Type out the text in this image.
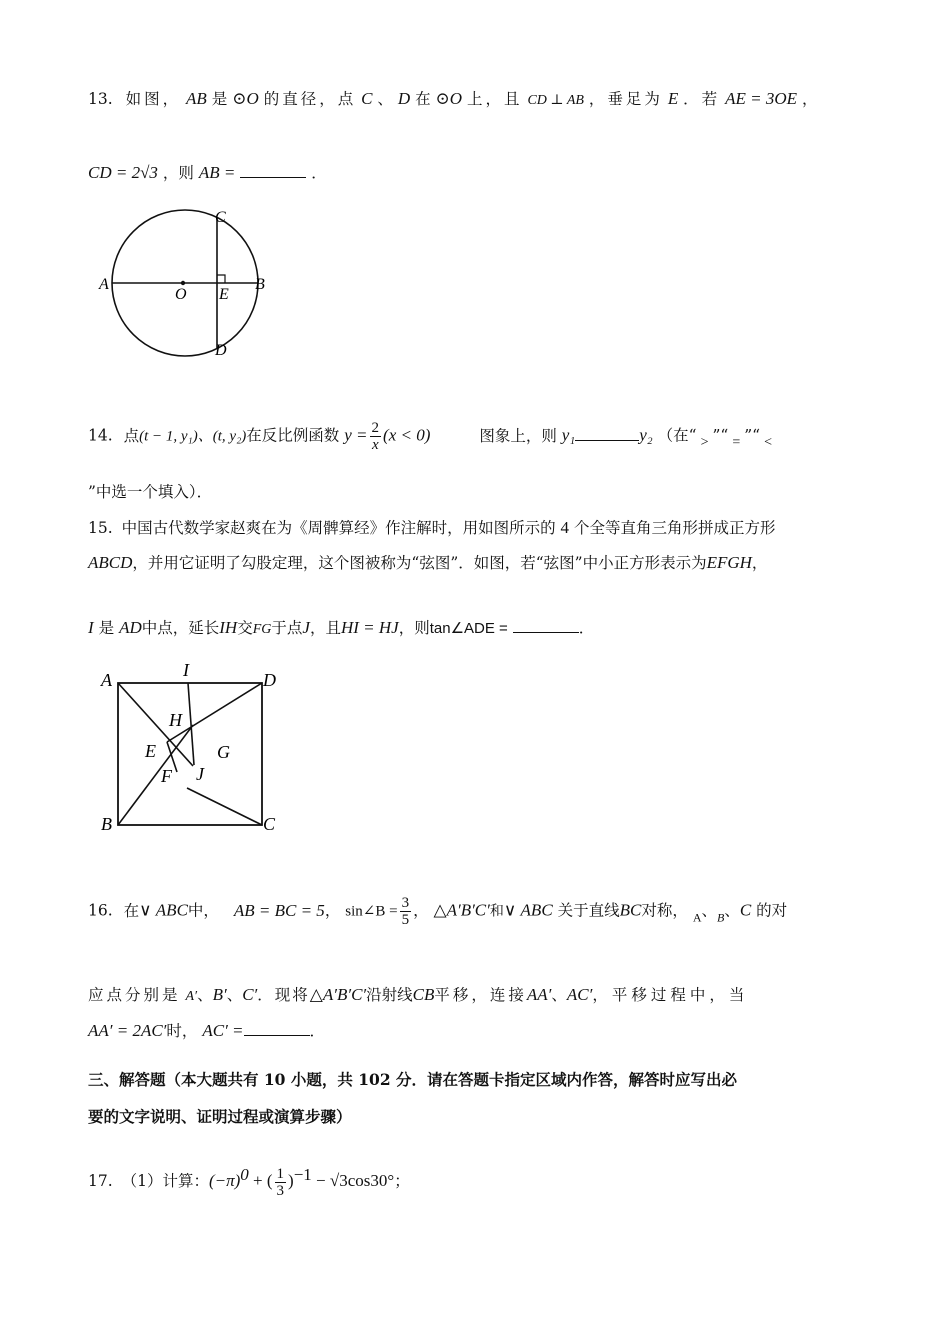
13. 如图， AB 是 ⊙O 的直径，点 C 、 D 在 ⊙O 上，且 CD ⊥ AB ，垂足为 E ．若 AE = 3OE ，
CD = 2√3 ，则 AB =	．
A	B
C
D
O E
14. 点(t − 1, y₁)、(t, y₂)在反比例函数 $y = \frac{2}{x} (x < 0)$	图象上，则 y₁	y₂ （在“ > ”“ = ”“ <
”中选一个填入）．
15. 中国古代数学家赵爽在为《周髀算经》作注解时，用如图所示的 4 个全等直角三角形拼成正方形
ABCD，并用它证明了勾股定理，这个图被称为“弦图”．如图，若“弦图”中小正方形表示为EFGH，
I 是 AD中点，延长IH交FG于点J，且HI = HJ，则tan∠ADE =	．
A	D
B	C
I
H
E	G
F J
16. 在∨ ABC中， AB = BC = 5， sin∠B = $\frac{3}{5}$ ， △A′B′C′和∨ ABC 关于直线BC对称， $_A$、$_B$、C 的对
应点分别是 A′、B′、C′．现将△A′B′C′沿射线CB平移，连接AA′、AC′，平移过程中，当
AA′ = 2AC′时， AC′ =	．
三、解答题（本大题共有 10 小题，共 102 分．请在答题卡指定区域内作答，解答时应写出必
要的文字说明、证明过程或演算步骤）
17. （1）计算：$(-\pi)^0$ + ( $\frac{1}{3} )^{-1} - √3\cos 30^\circ$；
